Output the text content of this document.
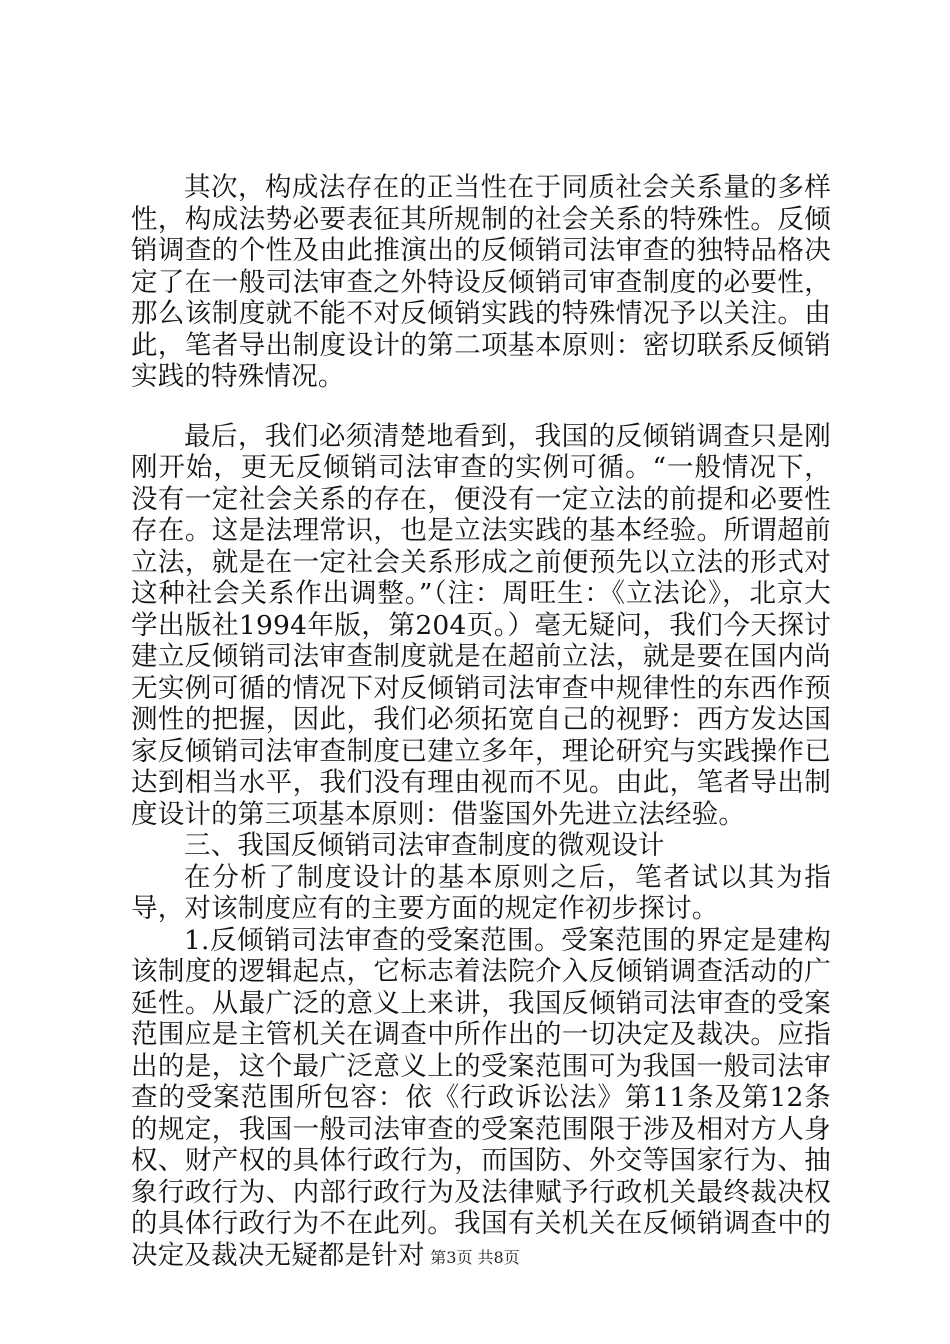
其次，构成法存在的正当性在于同质社会关系量的多样性，构成法势必要表征其所规制的社会关系的特殊性。反倾销调查的个性及由此推演出的反倾销司法审查的独特品格决定了在一般司法审查之外特设反倾销司审查制度的必要性，那么该制度就不能不对反倾销实践的特殊情况予以关注。由此，笔者导出制度设计的第二项基本原则：密切联系反倾销实践的特殊情况。

最后，我们必须清楚地看到，我国的反倾销调查只是刚刚开始，更无反倾销司法审查的实例可循。“一般情况下，没有一定社会关系的存在，便没有一定立法的前提和必要性存在。这是法理常识，也是立法实践的基本经验。所谓超前立法，就是在一定社会关系形成之前便预先以立法的形式对这种社会关系作出调整。”（注：周旺生：《立法论》，北京大学出版社1994年版，第204页。）毫无疑问，我们今天探讨建立反倾销司法审查制度就是在超前立法，就是要在国内尚无实例可循的情况下对反倾销司法审查中规律性的东西作预测性的把握，因此，我们必须拓宽自己的视野：西方发达国家反倾销司法审查制度已建立多年，理论研究与实践操作已达到相当水平，我们没有理由视而不见。由此，笔者导出制度设计的第三项基本原则：借鉴国外先进立法经验。

三、我国反倾销司法审查制度的微观设计

在分析了制度设计的基本原则之后，笔者试以其为指导，对该制度应有的主要方面的规定作初步探讨。

1.反倾销司法审查的受案范围。受案范围的界定是建构该制度的逻辑起点，它标志着法院介入反倾销调查活动的广延性。从最广泛的意义上来讲，我国反倾销司法审查的受案范围应是主管机关在调查中所作出的一切决定及裁决。应指出的是，这个最广泛意义上的受案范围可为我国一般司法审查的受案范围所包容：依《行政诉讼法》第11条及第12条的规定，我国一般司法审查的受案范围限于涉及相对方人身权、财产权的具体行政行为，而国防、外交等国家行为、抽象行政行为、内部行政行为及法律赋予行政机关最终裁决权的具体行政行为不在此列。我国有关机关在反倾销调查中的决定及裁决无疑都是针对 第3页 共8页
